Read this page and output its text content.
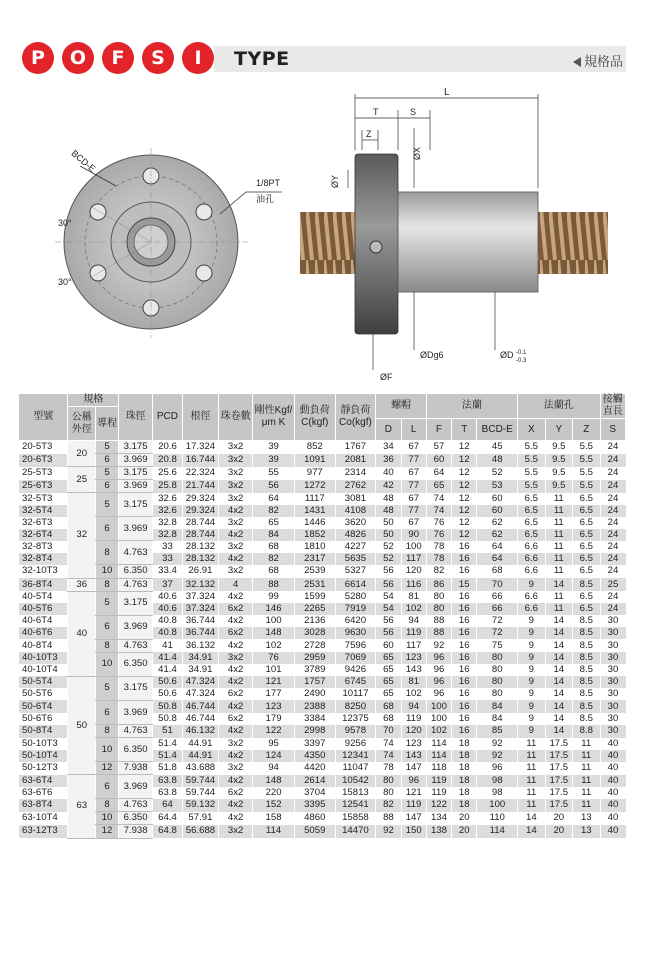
P	O	F	S	I	TYPE	規格品
BCD-E
30°
30°
1/8PT
油孔
L
T	S
Z
ØX
ØY
ØDg6	ØD -0.1
-0.3
ØF
型號	規格		珠徑	PCD	根徑	珠卷數	剛性Kgf/μm K	動負荷C(kgf)	靜負荷Co(kgf)	螺帽		法蘭			法蘭孔			接觸直長
	公稱外徑	導程																
										D	L	F	T	BCD-E	X	Y	Z	S
20-5T3	20	5	3.175	20.6	17.324	3x2	39	852	1767	34	67	57	12	45	5.5	9.5	5.5	24
20-6T3		6	3.969	20.8	16.744	3x2	39	1091	2081	36	77	60	12	48	5.5	9.5	5.5	24
25-5T3	25	5	3.175	25.6	22.324	3x2	55	977	2314	40	67	64	12	52	5.5	9.5	5.5	24
25-6T3		6	3.969	25.8	21.744	3x2	56	1272	2762	42	77	65	12	53	5.5	9.5	5.5	24
32-5T3	32	5	3.175	32.6	29.324	3x2	64	1117	3081	48	67	74	12	60	6.5	11	6.5	24
32-5T4				32.6	29.324	4x2	82	1431	4108	48	77	74	12	60	6.5	11	6.5	24
32-6T3		6	3.969	32.8	28.744	3x2	65	1446	3620	50	67	76	12	62	6.5	11	6.5	24
32-6T4				32.8	28.744	4x2	84	1852	4826	50	90	76	12	62	6.5	11	6.5	24
32-8T3		8	4.763	33	28.132	3x2	68	1810	4227	52	100	78	16	64	6.6	11	6.5	24
32-8T4				33	28.132	4x2	82	2317	5635	52	117	78	16	64	6.6	11	6.5	24
32-10T3		10	6.350	33.4	26.91	3x2	68	2539	5327	56	120	82	16	68	6.6	11	6.5	24
36-8T4	36	8	4.763	37	32.132	4	88	2531	6614	56	116	86	15	70	9	14	8.5	25
40-5T4	40	5	3.175	40.6	37.324	4x2	99	1599	5280	54	81	80	16	66	6.6	11	6.5	24
40-5T6				40.6	37.324	6x2	146	2265	7919	54	102	80	16	66	6.6	11	6.5	24
40-6T4		6	3.969	40.8	36.744	4x2	100	2136	6420	56	94	88	16	72	9	14	8.5	30
40-6T6				40.8	36.744	6x2	148	3028	9630	56	119	88	16	72	9	14	8.5	30
40-8T4		8	4.763	41	36.132	4x2	102	2728	7596	60	117	92	16	75	9	14	8.5	30
40-10T3		10	6.350	41.4	34.91	3x2	76	2959	7069	65	123	96	16	80	9	14	8.5	30
40-10T4				41.4	34.91	4x2	101	3789	9426	65	143	96	16	80	9	14	8.5	30
50-5T4	50	5	3.175	50.6	47.324	4x2	121	1757	6745	65	81	96	16	80	9	14	8.5	30
50-5T6				50.6	47.324	6x2	177	2490	10117	65	102	96	16	80	9	14	8.5	30
50-6T4		6	3.969	50.8	46.744	4x2	123	2388	8250	68	94	100	16	84	9	14	8.5	30
50-6T6				50.8	46.744	6x2	179	3384	12375	68	119	100	16	84	9	14	8.5	30
50-8T4		8	4.763	51	46.132	4x2	122	2998	9578	70	120	102	16	85	9	14	8.8	30
50-10T3		10	6.350	51.4	44.91	3x2	95	3397	9256	74	123	114	18	92	11	17.5	11	40
50-10T4				51.4	44.91	4x2	124	4350	12341	74	143	114	18	92	11	17.5	11	40
50-12T3		12	7.938	51.8	43.688	3x2	94	4420	11047	78	147	118	18	96	11	17.5	11	40
63-6T4	63	6	3.969	63.8	59.744	4x2	148	2614	10542	80	96	119	18	98	11	17.5	11	40
63-6T6				63.8	59.744	6x2	220	3704	15813	80	121	119	18	98	11	17.5	11	40
63-8T4		8	4.763	64	59.132	4x2	152	3395	12541	82	119	122	18	100	11	17.5	11	40
63-10T4		10	6.350	64.4	57.91	4x2	158	4860	15858	88	147	134	20	110	14	20	13	40
63-12T3		12	7.938	64.8	56.688	3x2	114	5059	14470	92	150	138	20	114	14	20	13	40
